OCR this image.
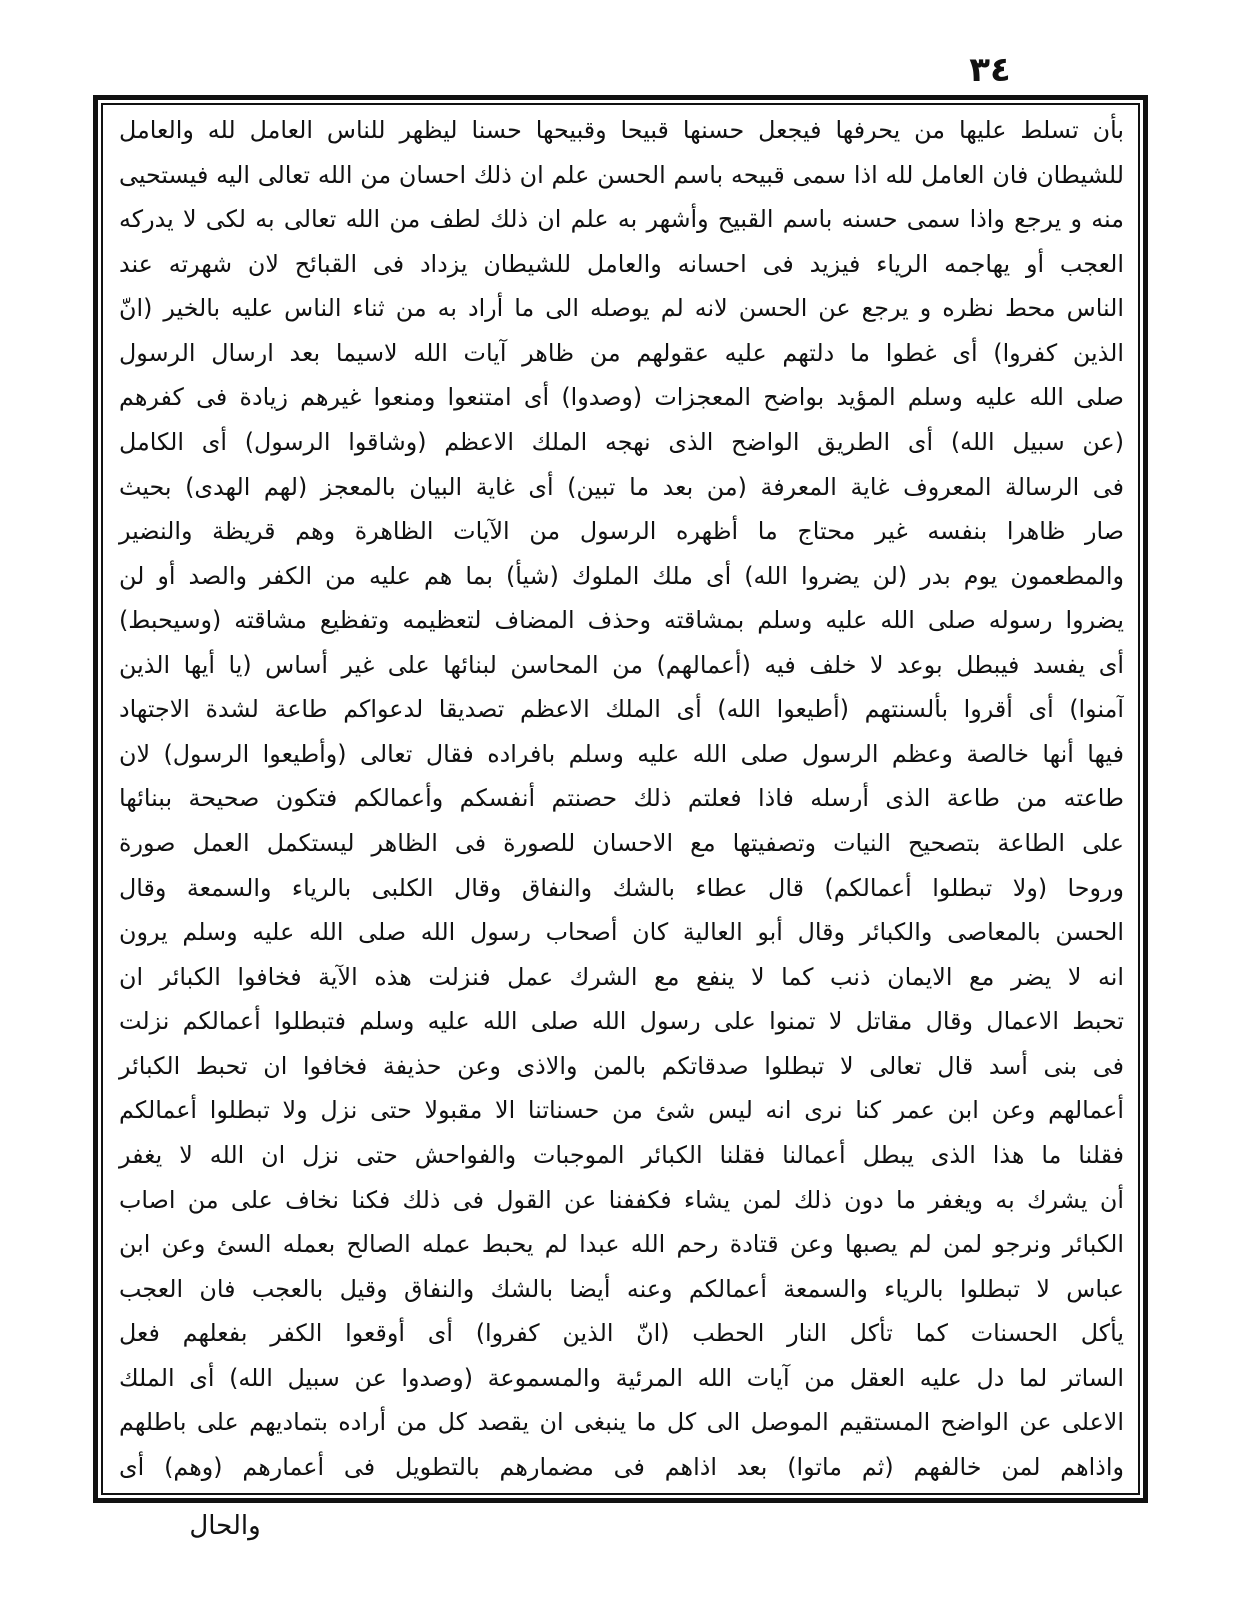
٣٤
بأن تسلط عليها من يحرفها فيجعل حسنها قبيحا وقبيحها حسنا ليظهر للناس العامل لله والعامل
للشيطان فان العامل لله اذا سمى قبيحه باسم الحسن علم ان ذلك احسان من الله تعالى اليه فيستحيى
منه و يرجع واذا سمى حسنه باسم القبيح وأشهر به علم ان ذلك لطف من الله تعالى به لكى لا يدركه
العجب أو يهاجمه الرياء فيزيد فى احسانه والعامل للشيطان يزداد فى القبائح لان شهرته عند
الناس محط نظره و يرجع عن الحسن لانه لم يوصله الى ما أراد به من ثناء الناس عليه بالخير (انّ
الذين كفروا) أى غطوا ما دلتهم عليه عقولهم من ظاهر آيات الله لاسيما بعد ارسال الرسول
صلى الله عليه وسلم المؤيد بواضح المعجزات (وصدوا) أى امتنعوا ومنعوا غيرهم زيادة فى كفرهم
(عن سبيل الله) أى الطريق الواضح الذى نهجه الملك الاعظم (وشاقوا الرسول) أى الكامل
فى الرسالة المعروف غاية المعرفة (من بعد ما تبين) أى غاية البيان بالمعجز (لهم الهدى) بحيث
صار ظاهرا بنفسه غير محتاج ما أظهره الرسول من الآيات الظاهرة وهم قريظة والنضير
والمطعمون يوم بدر (لن يضروا الله) أى ملك الملوك (شيأ) بما هم عليه من الكفر والصد أو لن
يضروا رسوله صلى الله عليه وسلم بمشاقته وحذف المضاف لتعظيمه وتفظيع مشاقته (وسيحبط)
أى يفسد فيبطل بوعد لا خلف فيه (أعمالهم) من المحاسن لبنائها على غير أساس (يا أيها الذين
آمنوا) أى أقروا بألسنتهم (أطيعوا الله) أى الملك الاعظم تصديقا لدعواكم طاعة لشدة الاجتهاد
فيها أنها خالصة وعظم الرسول صلى الله عليه وسلم بافراده فقال تعالى (وأطيعوا الرسول) لان
طاعته من طاعة الذى أرسله فاذا فعلتم ذلك حصنتم أنفسكم وأعمالكم فتكون صحيحة ببنائها
على الطاعة بتصحيح النيات وتصفيتها مع الاحسان للصورة فى الظاهر ليستكمل العمل صورة
وروحا (ولا تبطلوا أعمالكم) قال عطاء بالشك والنفاق وقال الكلبى بالرياء والسمعة وقال
الحسن بالمعاصى والكبائر وقال أبو العالية كان أصحاب رسول الله صلى الله عليه وسلم يرون
انه لا يضر مع الايمان ذنب كما لا ينفع مع الشرك عمل فنزلت هذه الآية فخافوا الكبائر ان
تحبط الاعمال وقال مقاتل لا تمنوا على رسول الله صلى الله عليه وسلم فتبطلوا أعمالكم نزلت
فى بنى أسد قال تعالى لا تبطلوا صدقاتكم بالمن والاذى وعن حذيفة فخافوا ان تحبط الكبائر
أعمالهم وعن ابن عمر كنا نرى انه ليس شئ من حسناتنا الا مقبولا حتى نزل ولا تبطلوا أعمالكم
فقلنا ما هذا الذى يبطل أعمالنا فقلنا الكبائر الموجبات والفواحش حتى نزل ان الله لا يغفر
أن يشرك به ويغفر ما دون ذلك لمن يشاء فكففنا عن القول فى ذلك فكنا نخاف على من اصاب
الكبائر ونرجو لمن لم يصبها وعن قتادة رحم الله عبدا لم يحبط عمله الصالح بعمله السئ وعن ابن
عباس لا تبطلوا بالرياء والسمعة أعمالكم وعنه أيضا بالشك والنفاق وقيل بالعجب فان العجب
يأكل الحسنات كما تأكل النار الحطب (انّ الذين كفروا) أى أوقعوا الكفر بفعلهم فعل
الساتر لما دل عليه العقل من آيات الله المرئية والمسموعة (وصدوا عن سبيل الله) أى الملك
الاعلى عن الواضح المستقيم الموصل الى كل ما ينبغى ان يقصد كل من أراده بتماديهم على باطلهم
واذاهم لمن خالفهم (ثم ماتوا) بعد اذاهم فى مضمارهم بالتطويل فى أعمارهم (وهم) أى
والحال
